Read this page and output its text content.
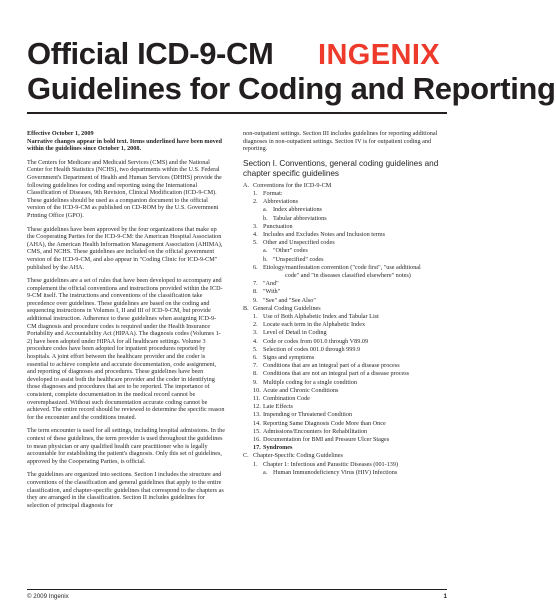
Official ICD-9-CM
Guidelines for Coding and Reporting
INGENIX

Effective October 1, 2009
Narrative changes appear in bold text. Items underlined have been moved within the guidelines since October 1, 2008.

The Centers for Medicare and Medicaid Services (CMS) and the National Center for Health Statistics (NCHS), two departments within the U.S. Federal Government's Department of Health and Human Services (DHHS) provide the following guidelines for coding and reporting using the International Classification of Diseases, 9th Revision, Clinical Modification (ICD-9-CM). These guidelines should be used as a companion document to the official version of the ICD-9-CM as published on CD-ROM by the U.S. Government Printing Office (GPO).

These guidelines have been approved by the four organizations that make up the Cooperating Parties for the ICD-9-CM: the American Hospital Association (AHA), the American Health Information Management Association (AHIMA), CMS, and NCHS. These guidelines are included on the official government version of the ICD-9-CM, and also appear in "Coding Clinic for ICD-9-CM" published by the AHA.

These guidelines are a set of rules that have been developed to accompany and complement the official conventions and instructions provided within the ICD-9-CM itself. The instructions and conventions of the classification take precedence over guidelines. These guidelines are based on the coding and sequencing instructions in Volumes I, II and III of ICD-9-CM, but provide additional instruction. Adherence to these guidelines when assigning ICD-9-CM diagnosis and procedure codes is required under the Health Insurance Portability and Accountability Act (HIPAA). The diagnosis codes (Volumes 1-2) have been adopted under HIPAA for all healthcare settings. Volume 3 procedure codes have been adopted for inpatient procedures reported by hospitals. A joint effort between the healthcare provider and the coder is essential to achieve complete and accurate documentation, code assignment, and reporting of diagnoses and procedures. These guidelines have been developed to assist both the healthcare provider and the coder in identifying those diagnoses and procedures that are to be reported. The importance of consistent, complete documentation in the medical record cannot be overemphasized. Without such documentation accurate coding cannot be achieved. The entire record should be reviewed to determine the specific reason for the encounter and the conditions treated.

The term encounter is used for all settings, including hospital admissions. In the context of these guidelines, the term provider is used throughout the guidelines to mean physician or any qualified health care practitioner who is legally accountable for establishing the patient's diagnosis. Only this set of guidelines, approved by the Cooperating Parties, is official.

The guidelines are organized into sections. Section I includes the structure and conventions of the classification and general guidelines that apply to the entire classification, and chapter-specific guidelines that correspond to the chapters as they are arranged in the classification. Section II includes guidelines for selection of principal diagnosis for

non-outpatient settings. Section III includes guidelines for reporting additional diagnoses in non-outpatient settings. Section IV is for outpatient coding and reporting.

Section I. Conventions, general coding guidelines and chapter specific guidelines
A. Conventions for the ICD-9-CM
1. Format:
2. Abbreviations
a. Index abbreviations
b. Tabular abbreviations
3. Punctuation
4. Includes and Excludes Notes and Inclusion terms
5. Other and Unspecified codes
a. "Other" codes
b. "Unspecified" codes
6. Etiology/manifestation convention ("code first", "use additional
code" and "in diseases classified elsewhere" notes)
7. "And"
8. "With"
9. "See" and "See Also"
B. General Coding Guidelines
1. Use of Both Alphabetic Index and Tabular List
2. Locate each term in the Alphabetic Index
3. Level of Detail in Coding
4. Code or codes from 001.0 through V89.09
5. Selection of codes 001.0 through 999.9
6. Signs and symptoms
7. Conditions that are an integral part of a disease process
8. Conditions that are not an integral part of a disease process
9. Multiple coding for a single condition
10. Acute and Chronic Conditions
11. Combination Code
12. Late Effects
13. Impending or Threatened Condition
14. Reporting Same Diagnosis Code More than Once
15. Admissions/Encounters for Rehabilitation
16. Documentation for BMI and Pressure Ulcer Stages
17. Syndromes
C. Chapter-Specific Coding Guidelines
1. Chapter 1: Infectious and Parasitic Diseases (001-139)
a. Human Immunodeficiency Virus (HIV) Infections
© 2009 Ingenix	1
